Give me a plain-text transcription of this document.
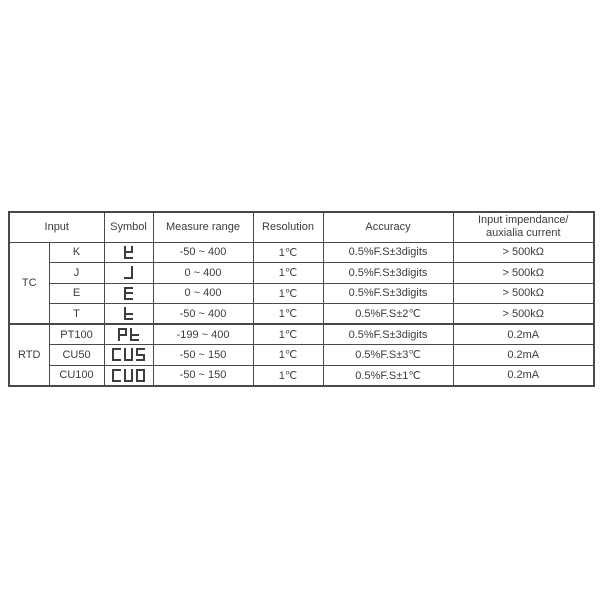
Input		Symbol	Measure range	Resolution	Accuracy	Input impendance/
auxialia current

TC	K		-50 ~ 400	1℃	0.5%F.S±3digits	> 500kΩ
	J		0 ~ 400	1℃	0.5%F.S±3digits	> 500kΩ
	E		0 ~ 400	1℃	0.5%F.S±3digits	> 500kΩ
	T		-50 ~ 400	1℃	0.5%F.S±2℃	> 500kΩ
RTD	PT100		-199 ~ 400	1℃	0.5%F.S±3digits	0.2mA
	CU50		-50 ~ 150	1℃	0.5%F.S±3℃	0.2mA
	CU100		-50 ~ 150	1℃	0.5%F.S±1℃	0.2mA
